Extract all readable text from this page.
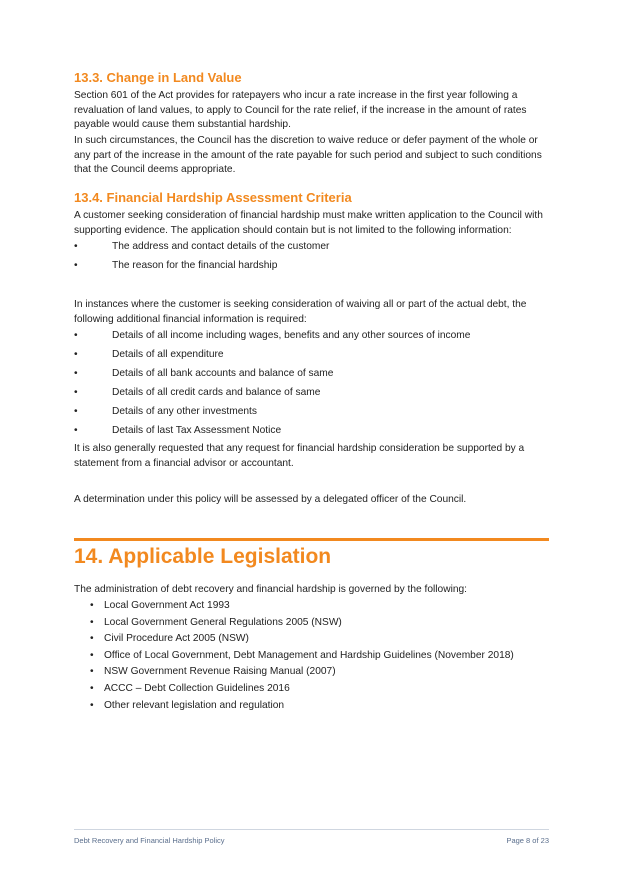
13.3. Change in Land Value

Section 601 of the Act provides for ratepayers who incur a rate increase in the first year following a revaluation of land values, to apply to Council for the rate relief, if the increase in the amount of rates payable would cause them substantial hardship.

In such circumstances, the Council has the discretion to waive reduce or defer payment of the whole or any part of the increase in the amount of the rate payable for such period and subject to such conditions that the Council deems appropriate.

13.4. Financial Hardship Assessment Criteria

A customer seeking consideration of financial hardship must make written application to the Council with supporting evidence. The application should contain but is not limited to the following information:

•	The address and contact details of the customer
•	The reason for the financial hardship

In instances where the customer is seeking consideration of waiving all or part of the actual debt, the following additional financial information is required:

•	Details of all income including wages, benefits and any other sources of income
•	Details of all expenditure
•	Details of all bank accounts and balance of same
•	Details of all credit cards and balance of same
•	Details of any other investments
•	Details of last Tax Assessment Notice

It is also generally requested that any request for financial hardship consideration be supported by a statement from a financial advisor or accountant.

A determination under this policy will be assessed by a delegated officer of the Council.

14. Applicable Legislation

The administration of debt recovery and financial hardship is governed by the following:

• Local Government Act 1993
• Local Government General Regulations 2005 (NSW)
• Civil Procedure Act 2005 (NSW)
• Office of Local Government, Debt Management and Hardship Guidelines (November 2018)
• NSW Government Revenue Raising Manual (2007)
• ACCC – Debt Collection Guidelines 2016
• Other relevant legislation and regulation
Debt Recovery and Financial Hardship Policy	Page 8 of 23
